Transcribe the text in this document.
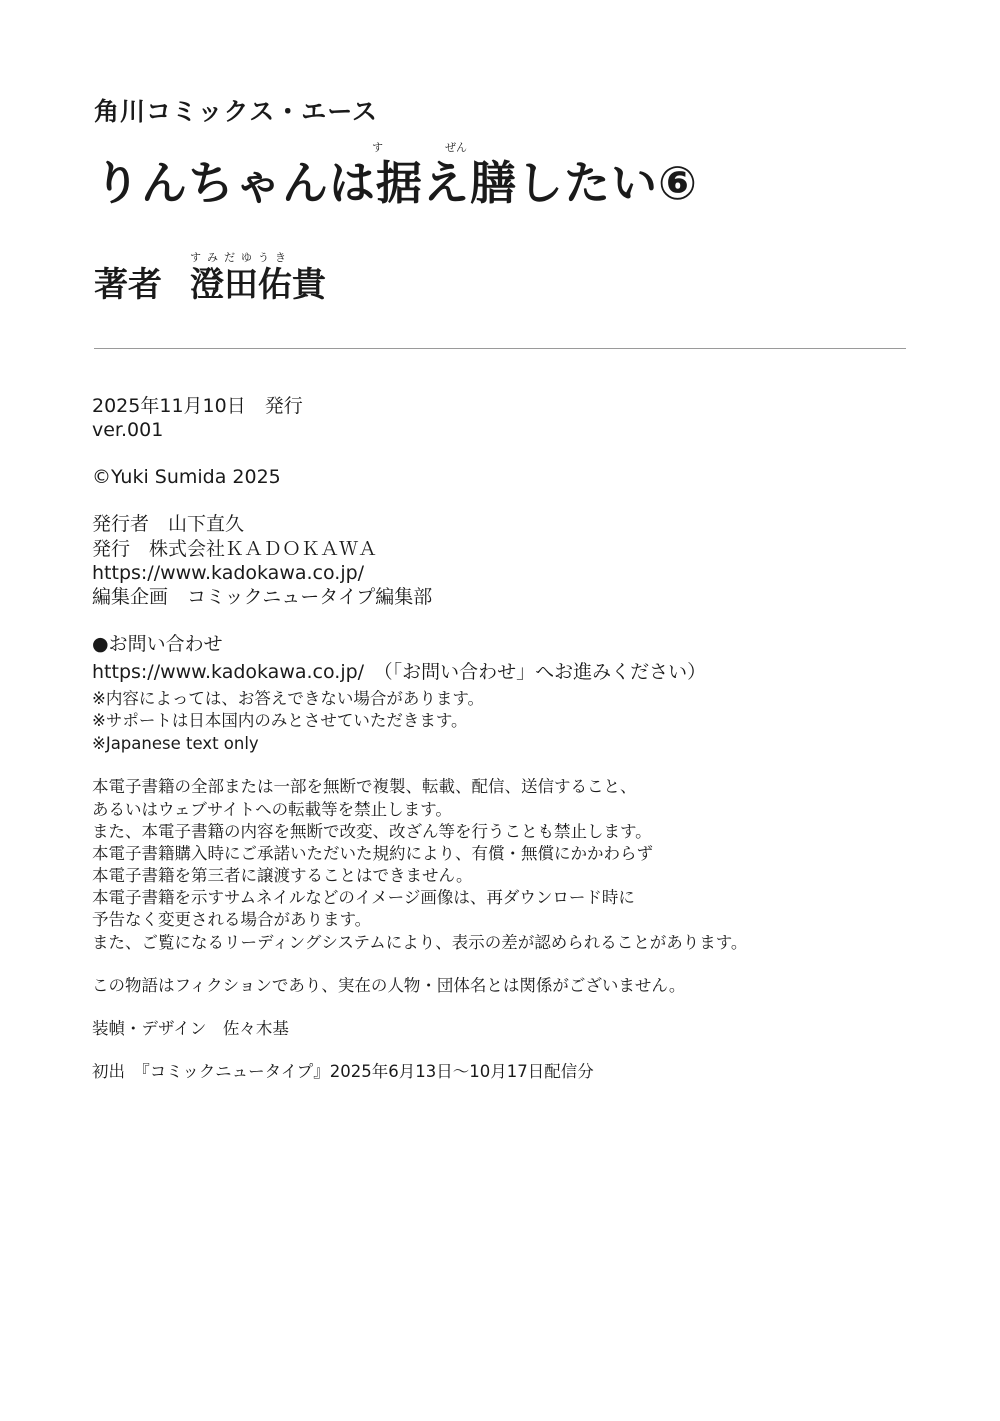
角川コミックス・エース
す	ぜん
りんちゃんは据え膳したい⑥
すみだゆうき
著者 澄田佑貴
2025年11月10日　発行
ver.001
©Yuki Sumida 2025
発行者　山下直久
発行　株式会社ＫＡＤＯＫＡＷＡ
https://www.kadokawa.co.jp/
編集企画　コミックニュータイプ編集部
●お問い合わせ
https://www.kadokawa.co.jp/　（「お問い合わせ」へお進みください）
※内容によっては、お答えできない場合があります。
※サポートは日本国内のみとさせていただきます。
※Japanese text only
本電子書籍の全部または一部を無断で複製、転載、配信、送信すること、
あるいはウェブサイトへの転載等を禁止します。
また、本電子書籍の内容を無断で改変、改ざん等を行うことも禁止します。
本電子書籍購入時にご承諾いただいた規約により、有償・無償にかかわらず
本電子書籍を第三者に譲渡することはできません。
本電子書籍を示すサムネイルなどのイメージ画像は、再ダウンロード時に
予告なく変更される場合があります。
また、ご覧になるリーディングシステムにより、表示の差が認められることがあります。
この物語はフィクションであり、実在の人物・団体名とは関係がございません。
装幀・デザイン　佐々木基
初出　『コミックニュータイプ』2025年6月13日～10月17日配信分
